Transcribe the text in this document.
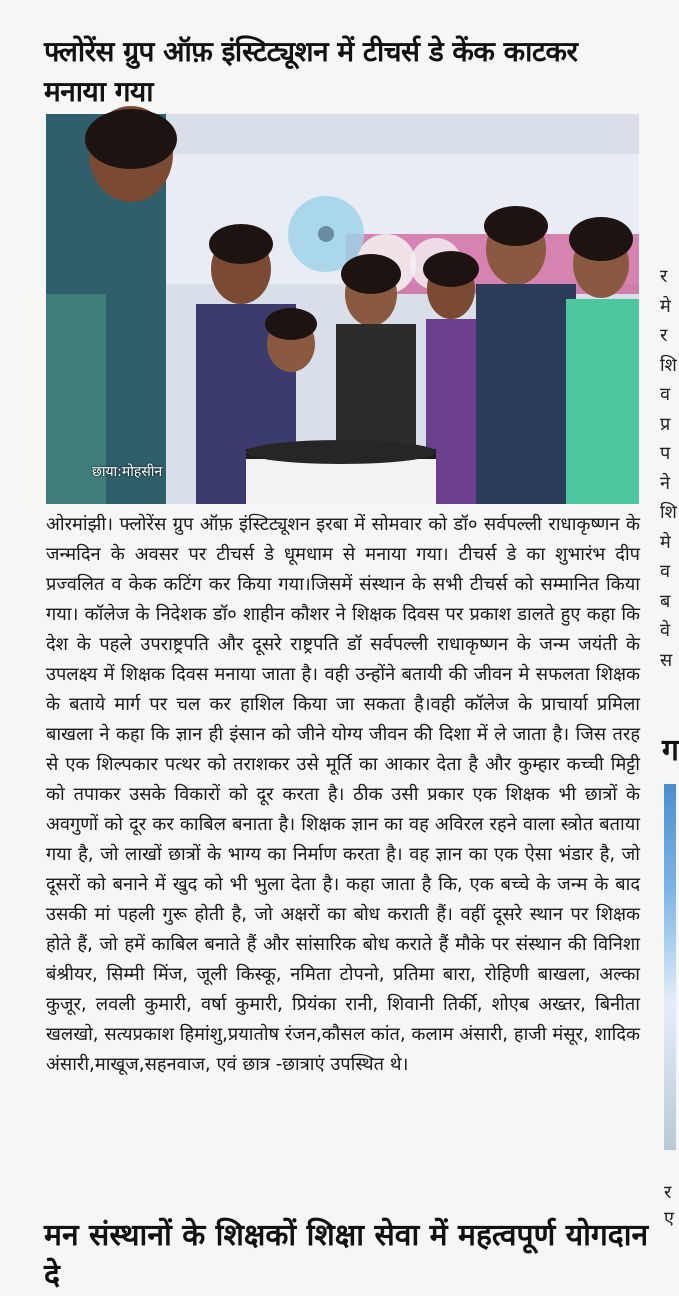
फ्लोरेंस ग्रुप ऑफ़ इंस्टिट्यूशन में टीचर्स डे केंक काटकर मनाया गया
छाया:मोहसीन
ओरमांझी। फ्लोरेंस ग्रुप ऑफ़ इंस्टिट्यूशन इरबा में सोमवार को डॉ० सर्वपल्ली राधाकृष्णन के जन्मदिन के अवसर पर टीचर्स डे धूमधाम से मनाया गया। टीचर्स डे का शुभारंभ दीप प्रज्वलित व केक कटिंग कर किया गया।जिसमें संस्थान के सभी टीचर्स को सम्मानित किया गया। कॉलेज के निदेशक डॉ० शाहीन कौशर ने शिक्षक दिवस पर प्रकाश डालते हुए कहा कि देश के पहले उपराष्ट्रपति और दूसरे राष्ट्रपति डॉ सर्वपल्ली राधाकृष्णन के जन्म जयंती के उपलक्ष्य में शिक्षक दिवस मनाया जाता है। वही उन्होंने बतायी की जीवन मे सफलता शिक्षक के बताये मार्ग पर चल कर हाशिल किया जा सकता है।वही कॉलेज के प्राचार्या प्रमिला बाखला ने कहा कि ज्ञान ही इंसान को जीने योग्य जीवन की दिशा में ले जाता है। जिस तरह से एक शिल्पकार पत्थर को तराशकर उसे मूर्ति का आकार देता है और कुम्हार कच्ची मिट्टी को तपाकर उसके विकारों को दूर करता है। ठीक उसी प्रकार एक शिक्षक भी छात्रों के अवगुणों को दूर कर काबिल बनाता है। शिक्षक ज्ञान का वह अविरल रहने वाला स्त्रोत बताया गया है, जो लाखों छात्रों के भाग्य का निर्माण करता है। वह ज्ञान का एक ऐसा भंडार है, जो दूसरों को बनाने में खुद को भी भुला देता है। कहा जाता है कि, एक बच्चे के जन्म के बाद उसकी मां पहली गुरू होती है, जो अक्षरों का बोध कराती हैं। वहीं दूसरे स्थान पर शिक्षक होते हैं, जो हमें काबिल बनाते हैं और सांसारिक बोध कराते हैं मौके पर संस्थान की विनिशा बंश्रीयर, सिम्मी मिंज, जूली किस्कू, नमिता टोपनो, प्रतिमा बारा, रोहिणी बाखला, अल्का कुजूर, लवली कुमारी, वर्षा कुमारी, प्रियंका रानी, शिवानी तिर्की, शोएब अख्तर, बिनीता खलखो, सत्यप्रकाश हिमांशु,प्रयातोष रंजन,कौसल कांत, कलाम अंसारी, हाजी मंसूर, शादिक अंसारी,माखूज,सहनवाज, एवं छात्र -छात्राएं उपस्थित थे।
र
मे
र
शि
व
प्र
प
ने
शि
मे
व
ब
वे
स
ग
र ए
मन संस्थानों के शिक्षकों शिक्षा सेवा में महत्वपूर्ण योगदान दे
